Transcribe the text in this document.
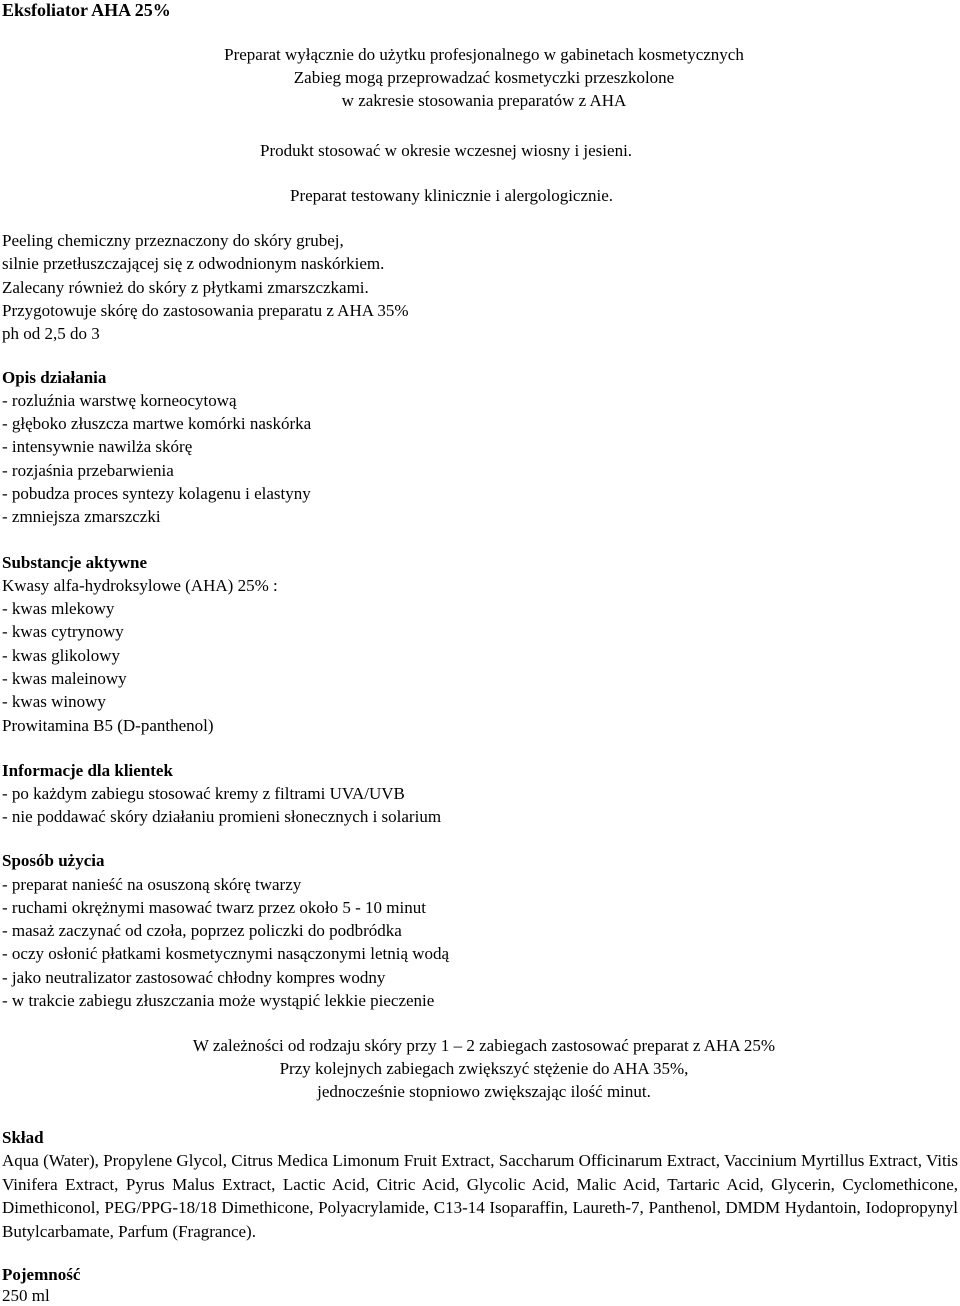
Eksfoliator AHA 25%

Preparat wyłącznie do użytku profesjonalnego w gabinetach kosmetycznych

Zabieg mogą przeprowadzać kosmetyczki przeszkolone

w zakresie stosowania preparatów z AHA

Produkt stosować w okresie wczesnej wiosny i jesieni.

Preparat testowany klinicznie i alergologicznie.

Peeling chemiczny przeznaczony do skóry grubej,

silnie przetłuszczającej się z odwodnionym naskórkiem.

Zalecany również do skóry z płytkami zmarszczkami.

Przygotowuje skórę do zastosowania preparatu z AHA 35%

ph od 2,5 do 3

Opis działania

- rozluźnia warstwę korneocytową

- głęboko złuszcza martwe komórki naskórka

- intensywnie nawilża skórę

- rozjaśnia przebarwienia

- pobudza proces syntezy kolagenu i elastyny

- zmniejsza zmarszczki

Substancje aktywne

Kwasy alfa-hydroksylowe (AHA) 25% :

- kwas mlekowy

- kwas cytrynowy

- kwas glikolowy

- kwas maleinowy

- kwas winowy

Prowitamina B5 (D-panthenol)

Informacje dla klientek

- po każdym zabiegu stosować kremy z filtrami UVA/UVB

- nie poddawać skóry działaniu promieni słonecznych i solarium

Sposób użycia

- preparat nanieść na osuszoną skórę twarzy

- ruchami okrężnymi masować twarz przez około 5 - 10 minut

- masaż zaczynać od czoła, poprzez policzki do podbródka

- oczy osłonić płatkami kosmetycznymi nasączonymi letnią wodą

- jako neutralizator zastosować chłodny kompres wodny

- w trakcie zabiegu złuszczania może wystąpić lekkie pieczenie

W zależności od rodzaju skóry przy 1 – 2 zabiegach zastosować preparat z AHA 25%

Przy kolejnych zabiegach zwiększyć stężenie do AHA 35%,

jednocześnie stopniowo zwiększając ilość minut.

Skład

Aqua (Water), Propylene Glycol, Citrus Medica Limonum Fruit Extract, Saccharum Officinarum Extract, Vaccinium Myrtillus Extract, Vitis Vinifera Extract, Pyrus Malus Extract, Lactic Acid, Citric Acid, Glycolic Acid, Malic Acid, Tartaric Acid, Glycerin, Cyclomethicone, Dimethiconol, PEG/PPG-18/18 Dimethicone, Polyacrylamide, C13-14 Isoparaffin, Laureth-7, Panthenol, DMDM Hydantoin, Iodopropynyl Butylcarbamate, Parfum (Fragrance).

Pojemność

250 ml
